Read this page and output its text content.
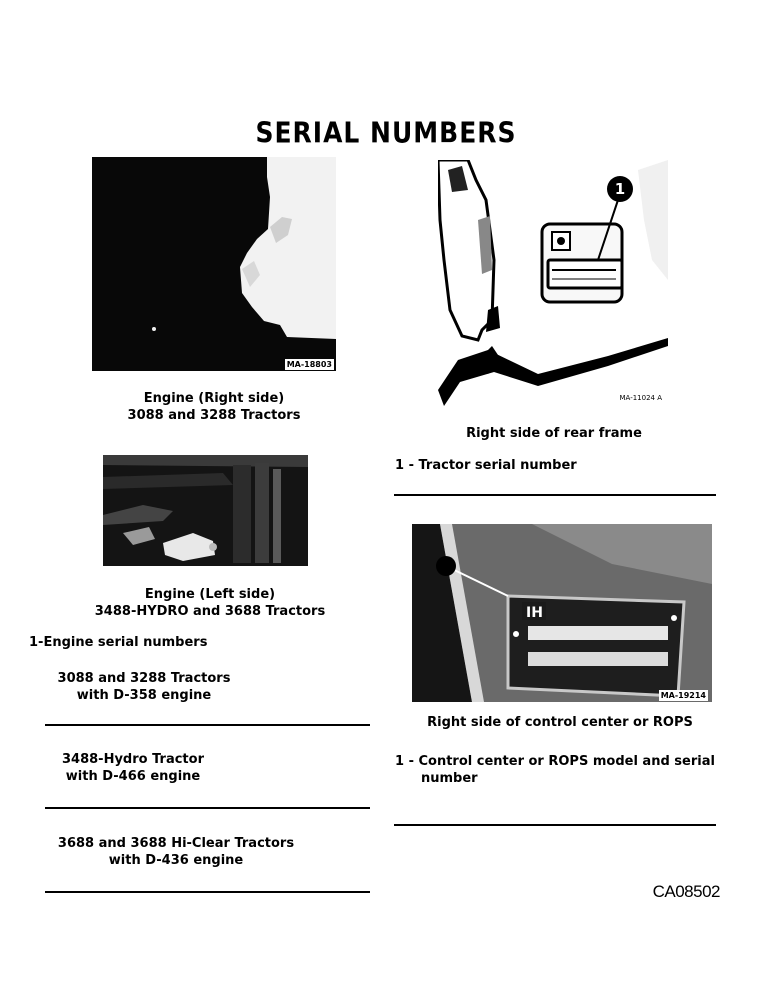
SERIAL NUMBERS
MA-18803
Engine (Right side)
3088 and 3288 Tractors
Engine (Left side)
3488-HYDRO and 3688 Tractors
1-Engine serial numbers
3088 and 3288 Tractors
with D-358 engine
3488-Hydro Tractor
with D-466 engine
3688 and 3688 Hi-Clear Tractors
with D-436 engine
1
MA-11024 A
Right side of rear frame
1 - Tractor serial number
IH
MA-19214
Right side of control center or ROPS
1 - Control center or ROPS model and serial
number
CA08502
